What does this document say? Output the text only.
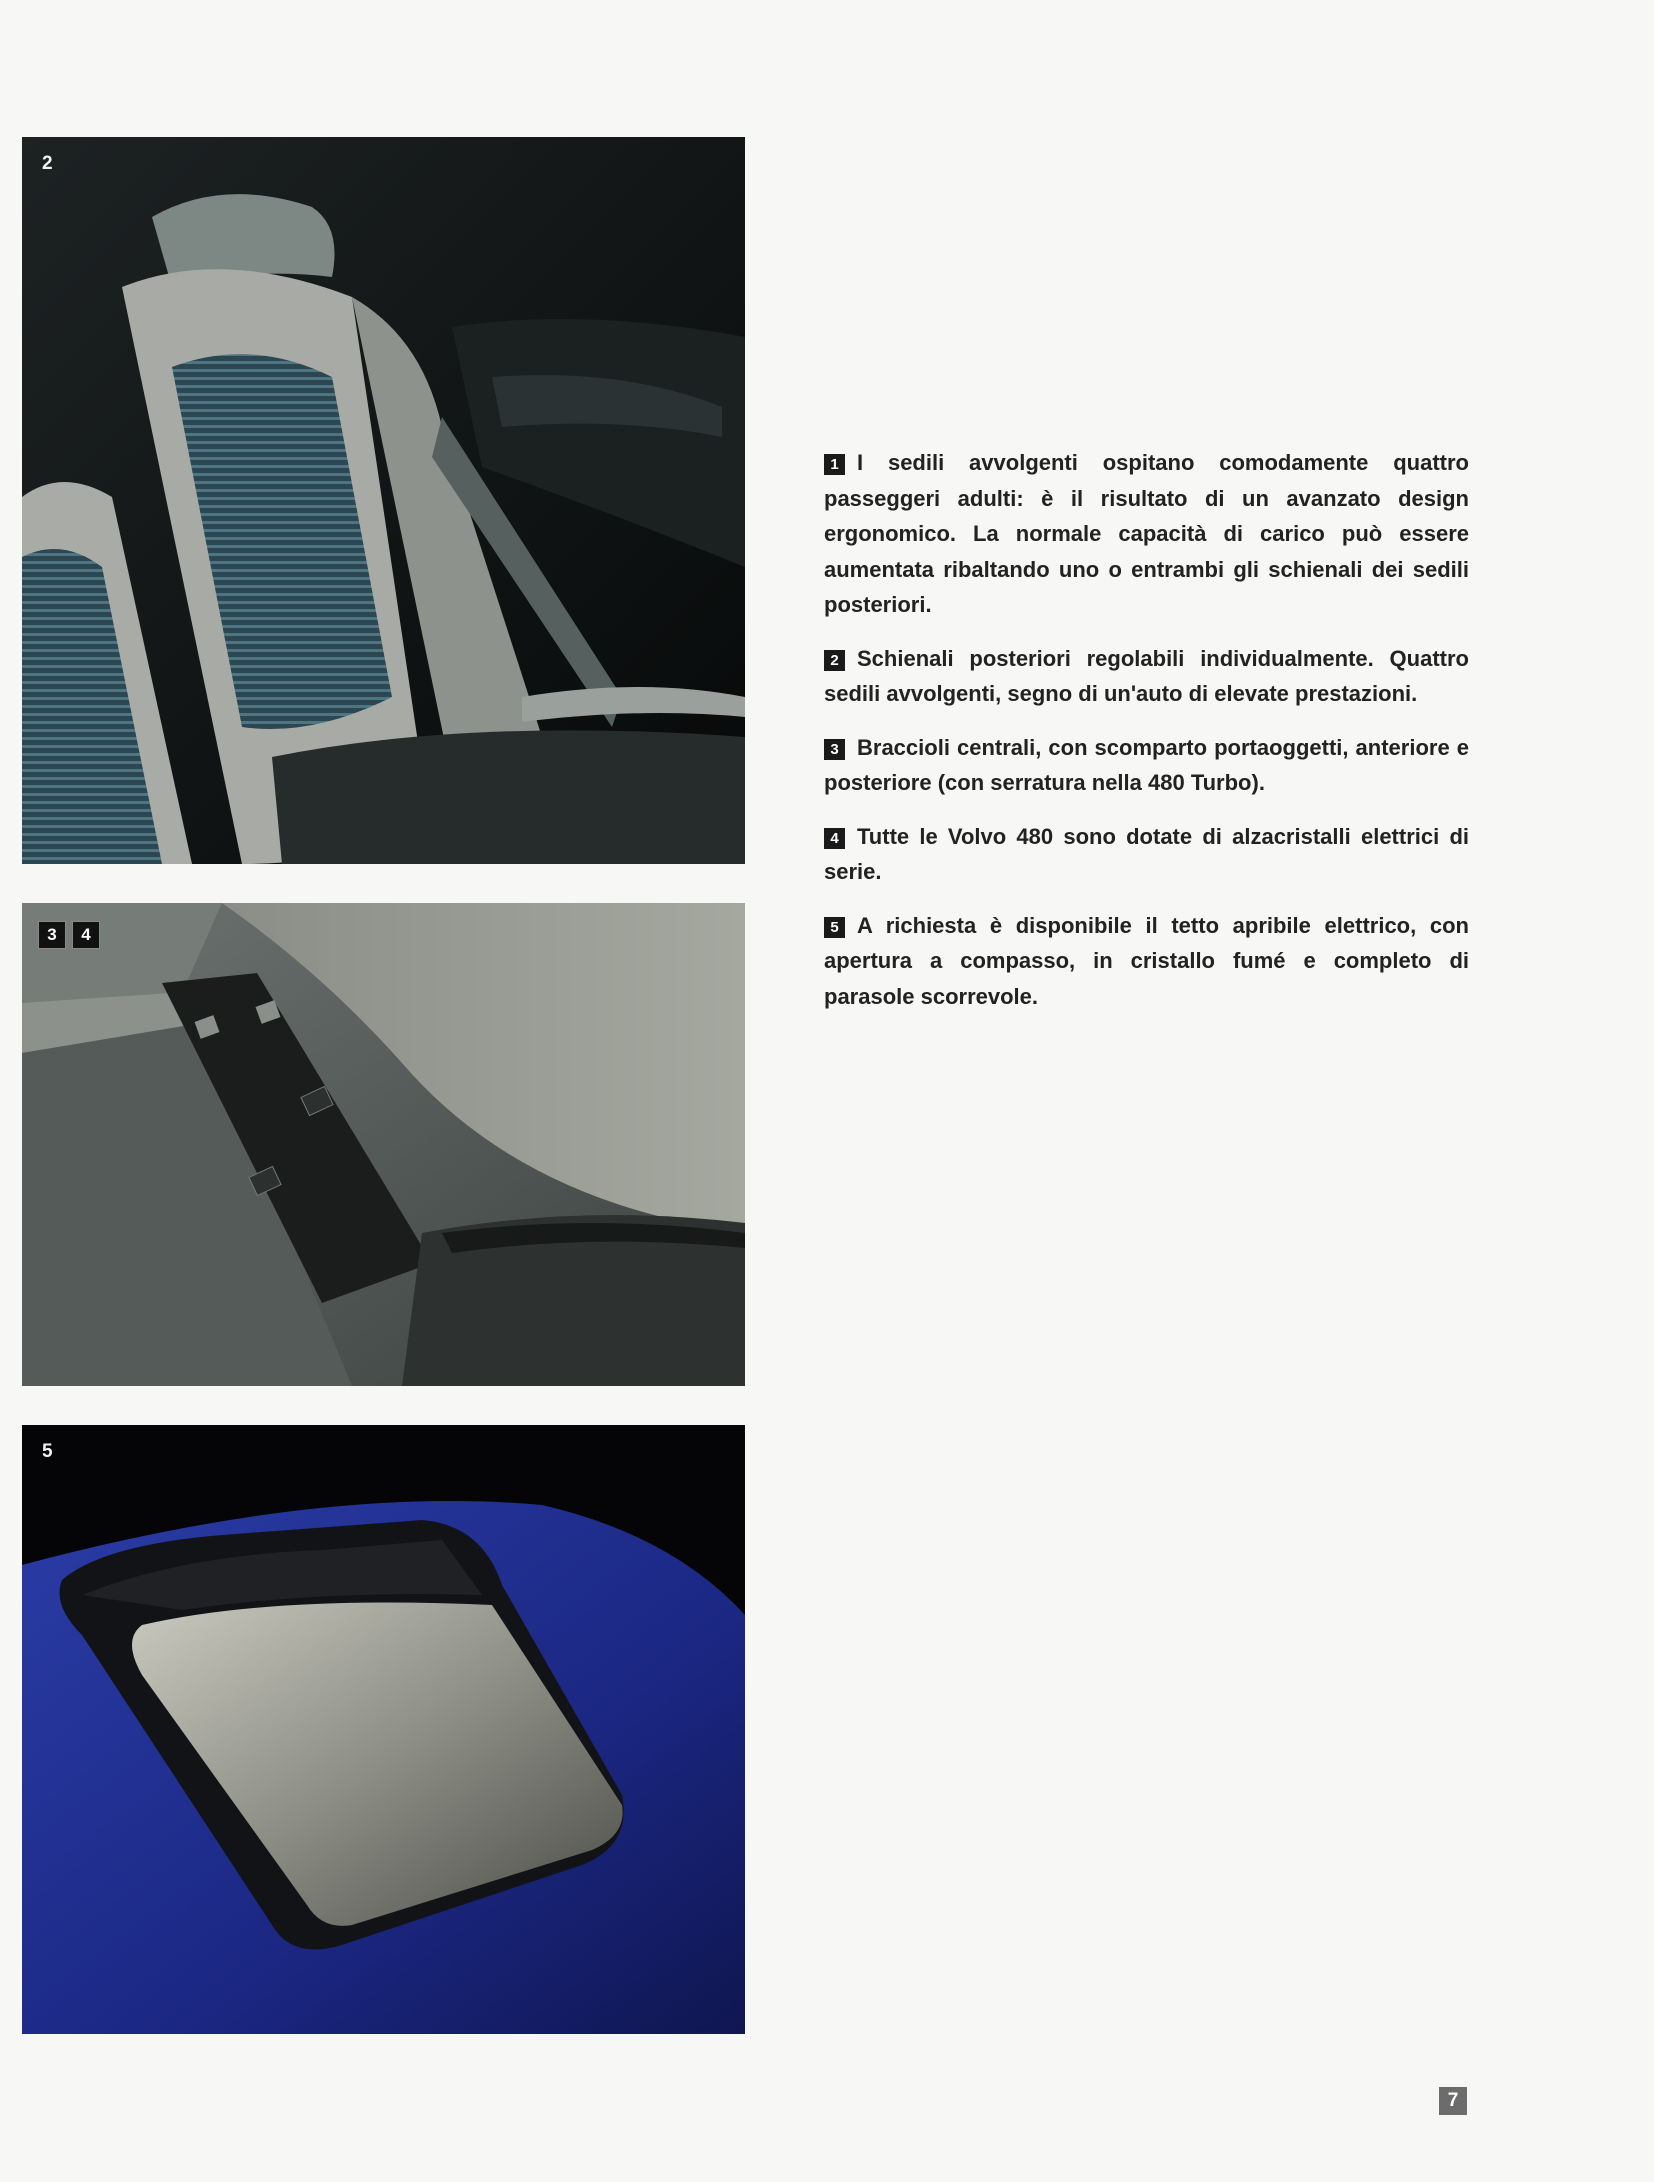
2
3	4
5

1 I sedili avvolgenti ospitano comodamente quattro passeggeri adulti: è il risultato di un avanzato design ergonomico. La normale capacità di carico può essere aumentata ribaltando uno o entrambi gli schienali dei sedili posteriori.

2 Schienali posteriori regolabili individualmente. Quattro sedili avvolgenti, segno di un'auto di elevate prestazioni.

3 Braccioli centrali, con scomparto portaoggetti, anteriore e posteriore (con serratura nella 480 Turbo).

4 Tutte le Volvo 480 sono dotate di alzacristalli elettrici di serie.

5 A richiesta è disponibile il tetto apribile elettrico, con apertura a compasso, in cristallo fumé e completo di parasole scorrevole.

7
